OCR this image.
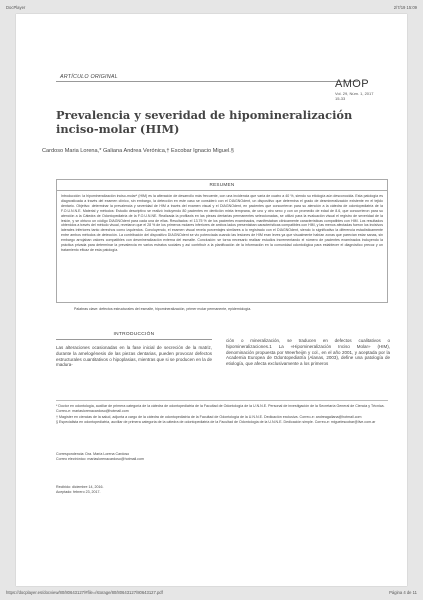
DocPlayer	2/7/19 15:09
ARTÍCULO ORIGINAL
AMOP
Vol. 29, Núm. 1, 2017
15-33
Prevalencia y severidad de hipomineralización inciso-molar (HIM)
Cardoso Maria Lorena,* Galiana Andrea Verónica,† Escobar Ignacio Miguel.§
RESUMEN

Introducción: la hipomineralización inciso-molar* (HIM) es la alteración de desarrollo más frecuente, con una incidencia que varía de cuatro a 40 %, siendo su etiología aún desconocida. Esta patología es diagnosticada a través del examen clínico, sin embargo, la detección en este caso se consideró con el DIAGNOdent, un dispositivo que determina el grado de desmineralización existente en el tejido dentario. Objetivo: determinar la prevalencia y severidad de HIM a través del examen visual y el DIAGNOdent, en pacientes que concurrieron para su atención a la cátedra de odontopediatría de la F.O.U.N.N.E. Material y métodos: Estudio descriptivo se realizó incluyendo 80 pacientes en dentición mixta temprana, de uno y otro sexo y con un promedio de edad de 8.6, que concurrieron para su atención a la Cátedra de Odontopediatría de la F.O.U.N.NE. Realizada la profilaxis en las piezas dentarias permanentes seleccionadas, se utilizó para la evaluación visual el registro de severidad de la lesión, y se obtuvo un código DIAGNOdent para cada una de ellas. Resultados: el 13.75 % de los pacientes examinados, manifestaban clínicamente características compatibles con HIM. Los resultados obtenidos a través del método visual, revelaron que el 28 % de los primeros molares inferiores de ambos lados presentaban características compatibles con HIM, y las menos afectadas fueron los incisivos laterales inferiores tanto derechos como izquierdos. Concluyendo, el examen visual revela porcentajes similares a lo registrado con el DIAGNOdent, siendo lo significativo la diferencia estadísticamente entre ambos métodos de detección. La contribución del dispositivo DIAGNOdent se vio potenciada cuando las lesiones de HIM eran leves ya que visualmente habían zonas que parecían estar sanas, sin embargo arrojaban valores compatibles con desmineralización externa del esmalte. Conclusión: se torna necesario realizar estudios incrementando el número de pacientes examinados incluyendo la práctica privada para determinar la prevalencia en varios estratos sociales y así contribuir a la planificación de la información en la comunidad odontológica para establecer el diagnóstico precoz y un tratamiento eficaz de esta patología.

Palabras clave: defectos estructurales del esmalte, hipomineralización, primer molar permanente, epidemiología.
INTRODUCCIÓN

Las alteraciones ocasionadas en la fase inicial de secreción de la matriz, durante la amelogénesis de las piezas dentarias, pueden provocar defectos estructurales cuantitativos o hipoplasias, mientras que si se producen en la de madura-

ción o mineralización, se traducen en defectos cualitativos o hipomineralizaciones.1 La «Hipomineralización Inciso Molar» (HIM), denominación propuesta por Weerheijm y col., en el año 2001, y aceptada por la Academia Europea de Odontopediatría (Alanas, 2003), define una patología de etiología, que afecta exclusivamente a los primeros

* Doctor en odontología, auxiliar de primera categoría de la cátedra de odontopediatría de la Facultad de Odontología de la U.N.N.E. Personal de investigación de la Secretaría General de Ciencia y Técnica. Correo-e: mariaslorenacardoso@hotmail.com

† Magíster en ciencias de la salud, adjunta a cargo de la cátedra de odontopediatría de la Facultad de Odontología de la U.N.N.E. Dedicación exclusiva. Correo-e: andreagaliana@hotmail.com

§ Especialista en odontopediatría, auxiliar de primera categoría de la cátedra de odontopediatría de la Facultad de Odontología de la U.N.N.E. Dedicación simple. Correo-e: miguelescobar@live.com.ar

Correspondencia: Dra. María Lorena Cardoso

Correo electrónico: mariaslorenacardoso@hotmail.com

Recibido: diciembre 14, 2016.

Aceptado: febrero 23, 2017.

https://docplayer.es/docview/80/80643127/#file=/storage/80/80643127/80643127.pdf	Página 4 de 11
